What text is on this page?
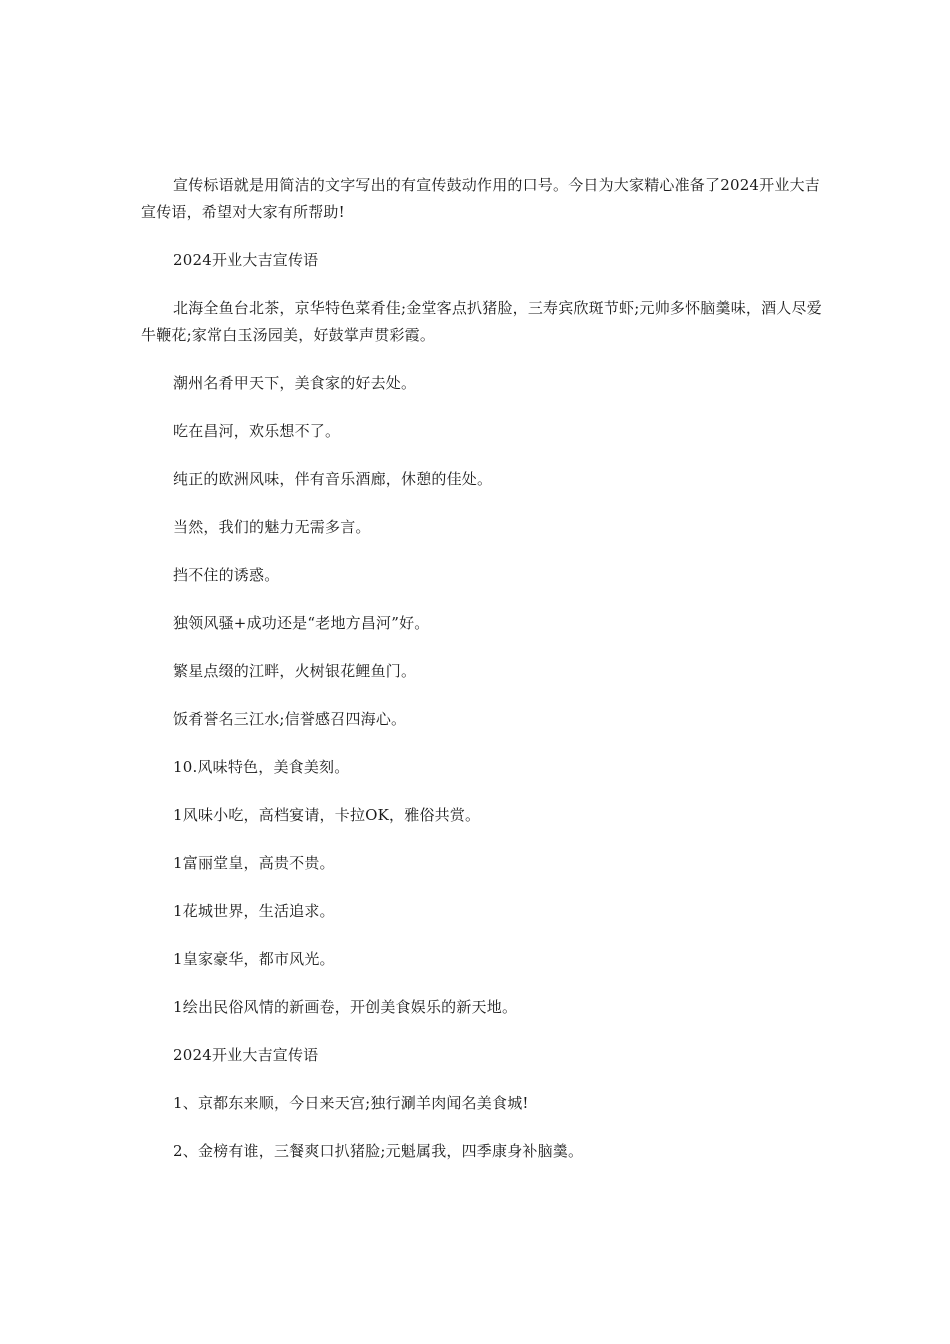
宣传标语就是用简洁的文字写出的有宣传鼓动作用的口号。今日为大家精心准备了2024开业大吉宣传语，希望对大家有所帮助!

2024开业大吉宣传语

北海全鱼台北茶，京华特色菜肴佳;金堂客点扒猪脸，三寿宾欣斑节虾;元帅多怀脑羹味，酒人尽爱牛鞭花;家常白玉汤园美，好鼓掌声贯彩霞。

潮州名肴甲天下，美食家的好去处。

吃在昌河，欢乐想不了。

纯正的欧洲风味，伴有音乐酒廊，休憩的佳处。

当然，我们的魅力无需多言。

挡不住的诱惑。

独领风骚+成功还是“老地方昌河”好。

繁星点缀的江畔，火树银花鲤鱼门。

饭肴誉名三江水;信誉感召四海心。

10.风味特色，美食美刻。

1风味小吃，高档宴请，卡拉OK，雅俗共赏。

1富丽堂皇，高贵不贵。

1花城世界，生活追求。

1皇家豪华，都市风光。

1绘出民俗风情的新画卷，开创美食娱乐的新天地。

2024开业大吉宣传语

1、京都东来顺，今日来天宫;独行涮羊肉闻名美食城!

2、金榜有谁，三餐爽口扒猪脸;元魁属我，四季康身补脑羹。
